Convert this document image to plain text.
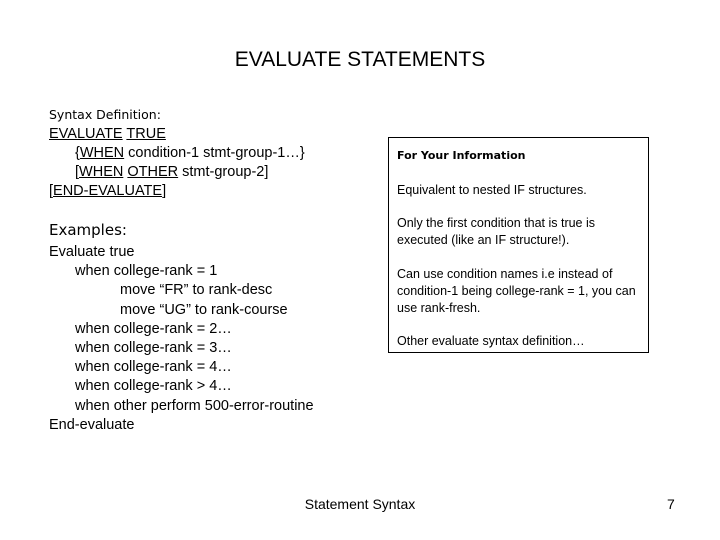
EVALUATE STATEMENTS
Syntax Definition:
EVALUATE TRUE
{WHEN condition-1 stmt-group-1…}
[WHEN OTHER stmt-group-2]
[END-EVALUATE]
Examples:
Evaluate true
when college-rank = 1
move “FR” to rank-desc
move “UG” to rank-course
when college-rank = 2…
when college-rank = 3…
when college-rank = 4…
when college-rank > 4…
when other perform 500-error-routine
End-evaluate
For Your Information
Equivalent to nested IF structures.
Only the first condition that is true is executed (like an IF structure!).
Can use condition names i.e instead of condition-1 being college-rank = 1, you can use rank-fresh.
Other evaluate syntax definition…
Statement Syntax	7
